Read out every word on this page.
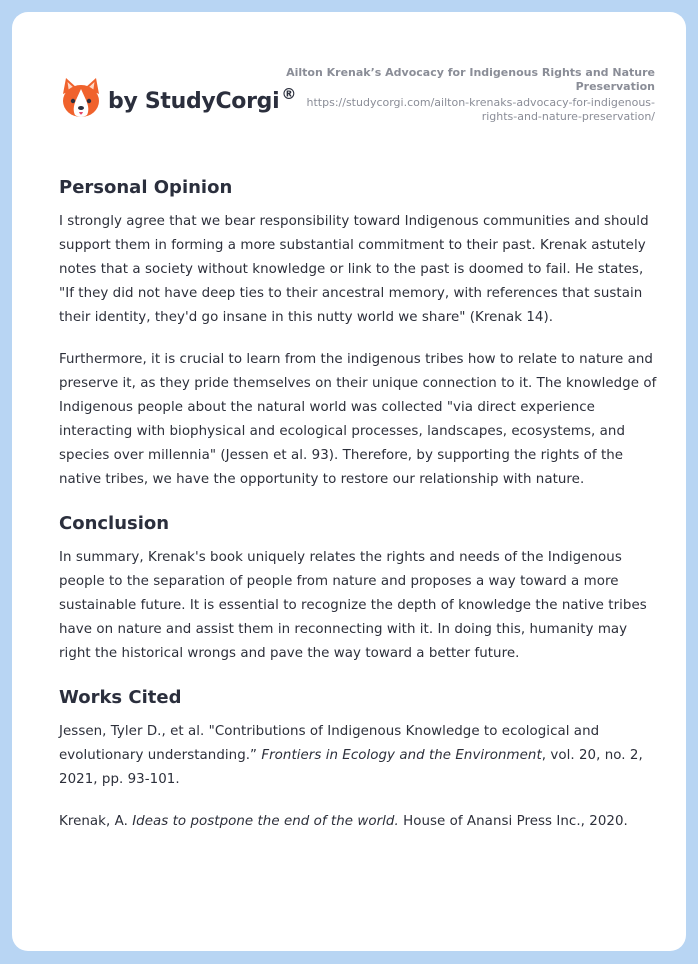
by StudyCorgi ®
Ailton Krenak’s Advocacy for Indigenous Rights and Nature Preservation
https://studycorgi.com/ailton-krenaks-advocacy-for-indigenous-rights-and-nature-preservation/
Personal Opinion

I strongly agree that we bear responsibility toward Indigenous communities and should support them in forming a more substantial commitment to their past. Krenak astutely notes that a society without knowledge or link to the past is doomed to fail. He states, "If they did not have deep ties to their ancestral memory, with references that sustain their identity, they'd go insane in this nutty world we share" (Krenak 14).

Furthermore, it is crucial to learn from the indigenous tribes how to relate to nature and preserve it, as they pride themselves on their unique connection to it. The knowledge of Indigenous people about the natural world was collected "via direct experience interacting with biophysical and ecological processes, landscapes, ecosystems, and species over millennia" (Jessen et al. 93). Therefore, by supporting the rights of the native tribes, we have the opportunity to restore our relationship with nature.

Conclusion

In summary, Krenak's book uniquely relates the rights and needs of the Indigenous people to the separation of people from nature and proposes a way toward a more sustainable future. It is essential to recognize the depth of knowledge the native tribes have on nature and assist them in reconnecting with it. In doing this, humanity may right the historical wrongs and pave the way toward a better future.

Works Cited

Jessen, Tyler D., et al. "Contributions of Indigenous Knowledge to ecological and evolutionary understanding.” Frontiers in Ecology and the Environment, vol. 20, no. 2, 2021, pp. 93-101.

Krenak, A. Ideas to postpone the end of the world. House of Anansi Press Inc., 2020.
